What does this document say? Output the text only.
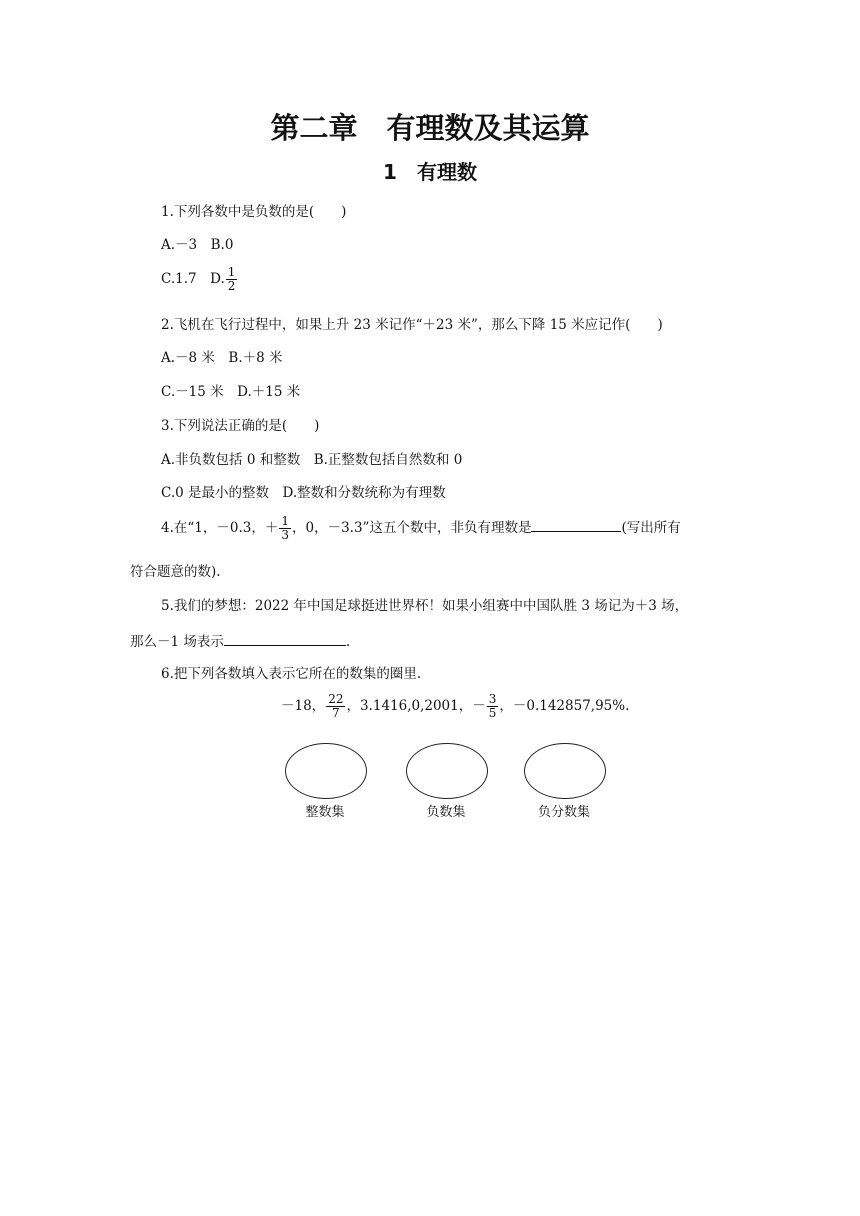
第二章　有理数及其运算
1　有理数
1.下列各数中是负数的是(　　)
A.－3　B.0
C.1.7　D. $\frac{1}{2}$
2.飞机在飞行过程中，如果上升 23 米记作“＋23 米”，那么下降 15 米应记作(　　)
A.－8 米　B.＋8 米
C.－15 米　D.＋15 米
3.下列说法正确的是(　　)
A.非负数包括 0 和整数　B.正整数包括自然数和 0
C.0 是最小的整数　D.整数和分数统称为有理数
4.在“1，－0.3，＋ $\frac{1}{3}$ ，0，－3.3”这五个数中，非负有理数是	(写出所有
符合题意的数).
5.我们的梦想：2022 年中国足球挺进世界杯！如果小组赛中中国队胜 3 场记为＋3 场，
那么－1 场表示	.
6.把下列各数填入表示它所在的数集的圈里.
－18， $\frac{22}{7}$ ，3.1416,0,2001，－ $\frac{3}{5}$ ，－0.142857,95%.
整数集	负数集	负分数集
